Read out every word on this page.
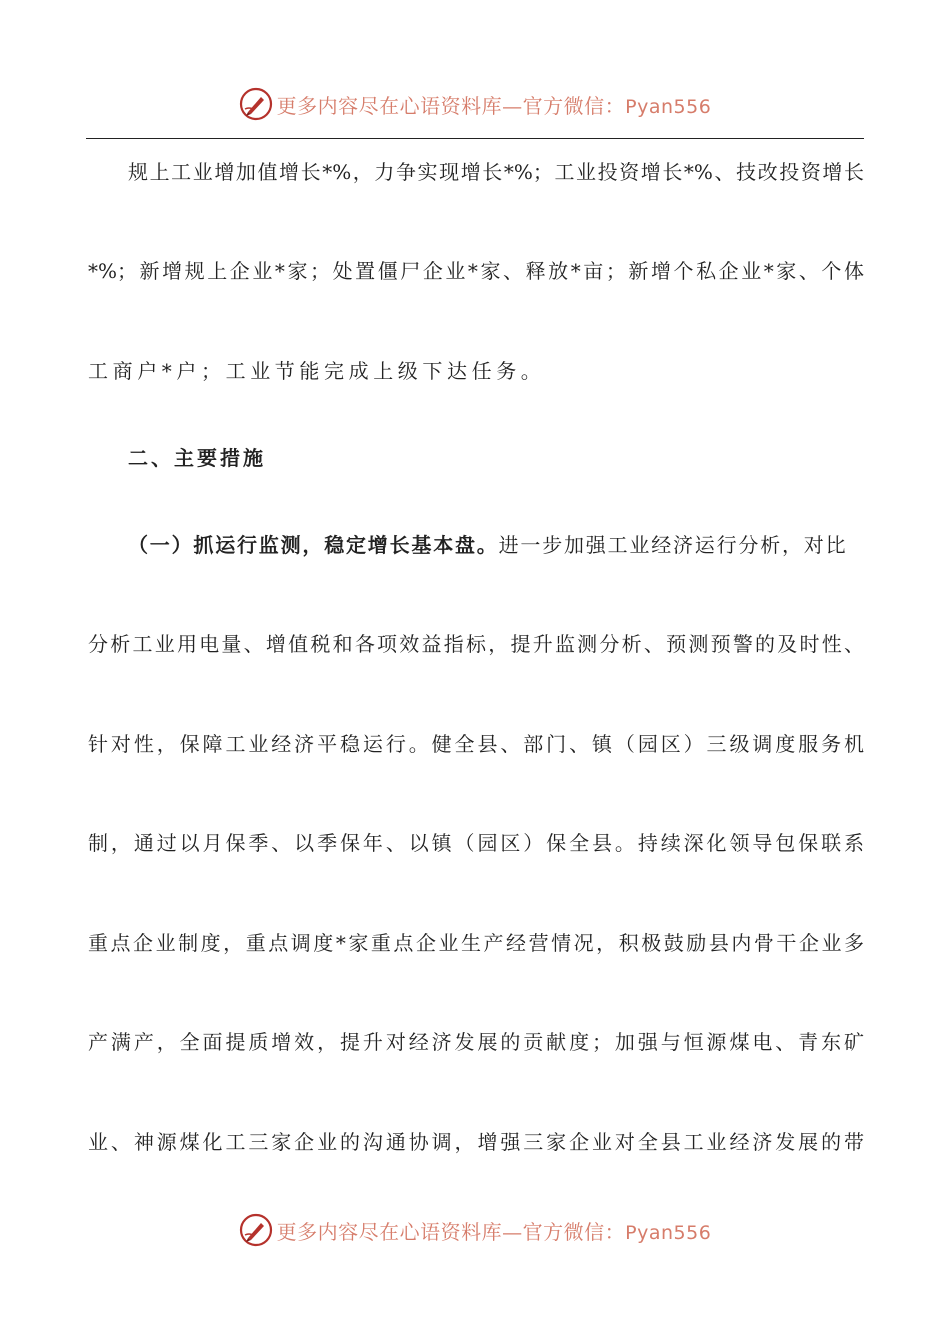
更多内容尽在心语资料库—官方微信：Pyan556
规上工业增加值增长*%，力争实现增长*%；工业投资增长*%、技改投资增长
*%；新增规上企业*家；处置僵尸企业*家、释放*亩；新增个私企业*家、个体
工商户*户；工业节能完成上级下达任务。
二、主要措施
（一）抓运行监测，稳定增长基本盘。进一步加强工业经济运行分析，对比
分析工业用电量、增值税和各项效益指标，提升监测分析、预测预警的及时性、
针对性，保障工业经济平稳运行。健全县、部门、镇（园区）三级调度服务机
制，通过以月保季、以季保年、以镇（园区）保全县。持续深化领导包保联系
重点企业制度，重点调度*家重点企业生产经营情况，积极鼓励县内骨干企业多
产满产，全面提质增效，提升对经济发展的贡献度；加强与恒源煤电、青东矿
业、神源煤化工三家企业的沟通协调，增强三家企业对全县工业经济发展的带
更多内容尽在心语资料库—官方微信：Pyan556
